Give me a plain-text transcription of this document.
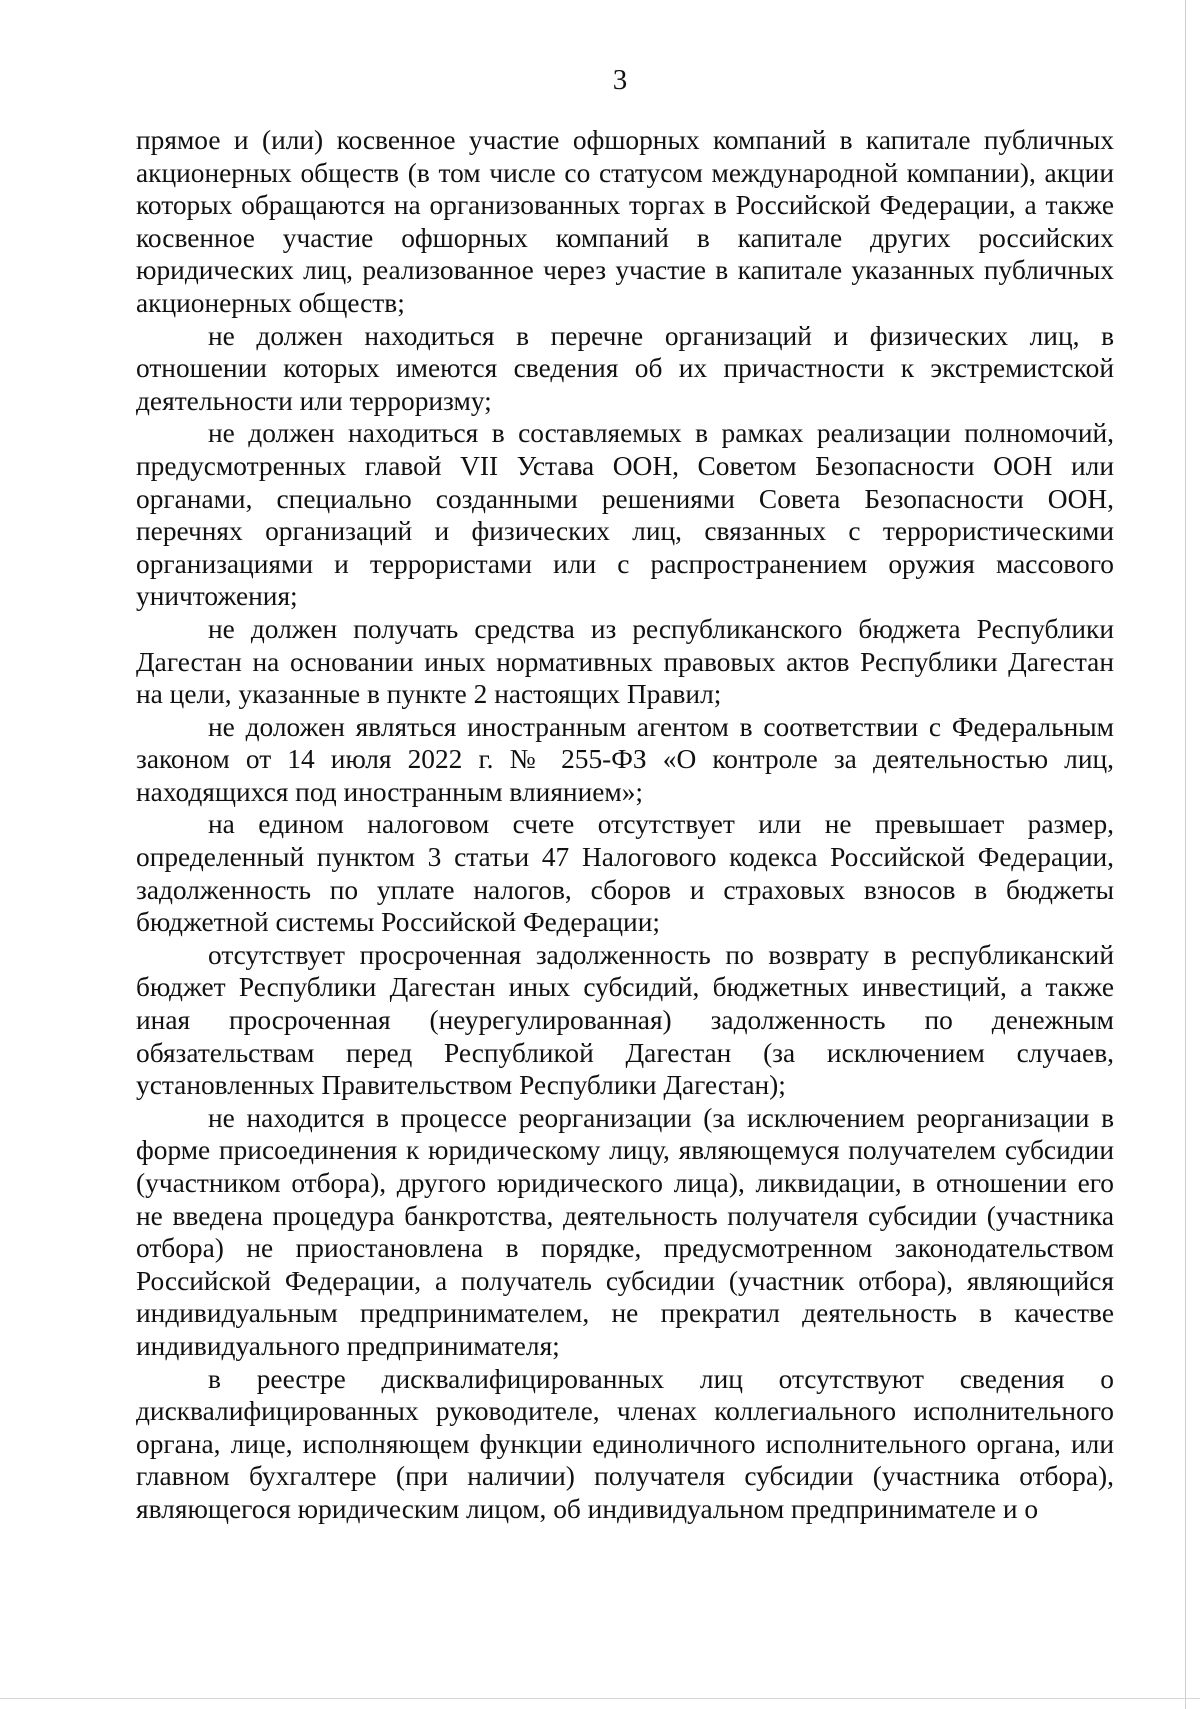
3

прямое и (или) косвенное участие офшорных компаний в капитале публичных акционерных обществ (в том числе со статусом международной компании), акции которых обращаются на организованных торгах в Российской Федерации, а также косвенное участие офшорных компаний в капитале других российских юридических лиц, реализованное через участие в капитале указанных публичных акционерных обществ;

не должен находиться в перечне организаций и физических лиц, в отношении которых имеются сведения об их причастности к экстремистской деятельности или терроризму;

не должен находиться в составляемых в рамках реализации полномочий, предусмотренных главой VII Устава ООН, Советом Безопасности ООН или органами, специально созданными решениями Совета Безопасности ООН, перечнях организаций и физических лиц, связанных с террористическими организациями и террористами или с распространением оружия массового уничтожения;

не должен получать средства из республиканского бюджета Республики Дагестан на основании иных нормативных правовых актов Республики Дагестан на цели, указанные в пункте 2 настоящих Правил;

не доложен являться иностранным агентом в соответствии с Федеральным законом от 14 июля 2022 г. № 255-ФЗ «О контроле за деятельностью лиц, находящихся под иностранным влиянием»;

на едином налоговом счете отсутствует или не превышает размер, определенный пунктом 3 статьи 47 Налогового кодекса Российской Федерации, задолженность по уплате налогов, сборов и страховых взносов в бюджеты бюджетной системы Российской Федерации;

отсутствует просроченная задолженность по возврату в республиканский бюджет Республики Дагестан иных субсидий, бюджетных инвестиций, а также иная просроченная (неурегулированная) задолженность по денежным обязательствам перед Республикой Дагестан (за исключением случаев, установленных Правительством Республики Дагестан);

не находится в процессе реорганизации (за исключением реорганизации в форме присоединения к юридическому лицу, являющемуся получателем субсидии (участником отбора), другого юридического лица), ликвидации, в отношении его не введена процедура банкротства, деятельность получателя субсидии (участника отбора) не приостановлена в порядке, предусмотренном законодательством Российской Федерации, а получатель субсидии (участник отбора), являющийся индивидуальным предпринимателем, не прекратил деятельность в качестве индивидуального предпринимателя;

в реестре дисквалифицированных лиц отсутствуют сведения о дисквалифицированных руководителе, членах коллегиального исполнительного органа, лице, исполняющем функции единоличного исполнительного органа, или главном бухгалтере (при наличии) получателя субсидии (участника отбора), являющегося юридическим лицом, об индивидуальном предпринимателе и о
